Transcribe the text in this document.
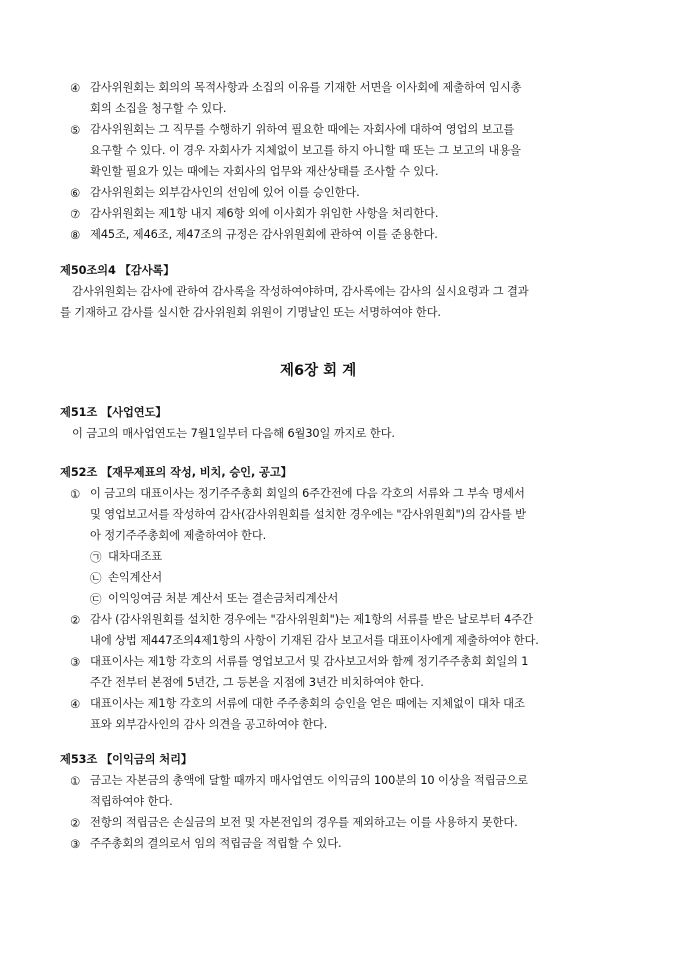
④ 감사위원회는 회의의 목적사항과 소집의 이유를 기재한 서면을 이사회에 제출하여 임시총
회의 소집을 청구할 수 있다.
⑤ 감사위원회는 그 직무를 수행하기 위하여 필요한 때에는 자회사에 대하여 영업의 보고를
요구할 수 있다. 이 경우 자회사가 지체없이 보고를 하지 아니할 때 또는 그 보고의 내용을
확인할 필요가 있는 때에는 자회사의 업무와 재산상태를 조사할 수 있다.
⑥ 감사위원회는 외부감사인의 선임에 있어 이를 승인한다.
⑦ 감사위원회는 제1항 내지 제6항 외에 이사회가 위임한 사항을 처리한다.
⑧ 제45조, 제46조, 제47조의 규정은 감사위원회에 관하여 이를 준용한다.
제50조의4 【감사록】
감사위원회는 감사에 관하여 감사록을 작성하여야하며, 감사록에는 감사의 실시요령과 그 결과
를 기재하고 감사를 실시한 감사위원회 위원이 기명날인 또는 서명하여야 한다.
제6장 회 계
제51조 【사업연도】
이 금고의 매사업연도는 7월1일부터 다음해 6월30일 까지로 한다.
제52조 【재무제표의 작성, 비치, 승인, 공고】
① 이 금고의 대표이사는 정기주주총회 회일의 6주간전에 다음 각호의 서류와 그 부속 명세서
및 영업보고서를 작성하여 감사(감사위원회를 설치한 경우에는 "감사위원회")의 감사를 받
아 정기주주총회에 제출하여야 한다.
㉠ 대차대조표
㉡ 손익계산서
㉢ 이익잉여금 처분 계산서 또는 결손금처리계산서
② 감사 (감사위원회를 설치한 경우에는 "감사위원회")는 제1항의 서류를 받은 날로부터 4주간
내에 상법 제447조의4제1항의 사항이 기재된 감사 보고서를 대표이사에게 제출하여야 한다.
③ 대표이사는 제1항 각호의 서류를 영업보고서 및 감사보고서와 함께 정기주주총회 회일의 1
주간 전부터 본점에 5년간, 그 등본을 지점에 3년간 비치하여야 한다.
④ 대표이사는 제1항 각호의 서류에 대한 주주총회의 승인을 얻은 때에는 지체없이 대차 대조
표와 외부감사인의 감사 의견을 공고하여야 한다.
제53조 【이익금의 처리】
① 금고는 자본금의 총액에 달할 때까지 매사업연도 이익금의 100분의 10 이상을 적립금으로
적립하여야 한다.
② 전항의 적립금은 손실금의 보전 및 자본전입의 경우를 제외하고는 이를 사용하지 못한다.
③ 주주총회의 결의로서 임의 적립금을 적립할 수 있다.
